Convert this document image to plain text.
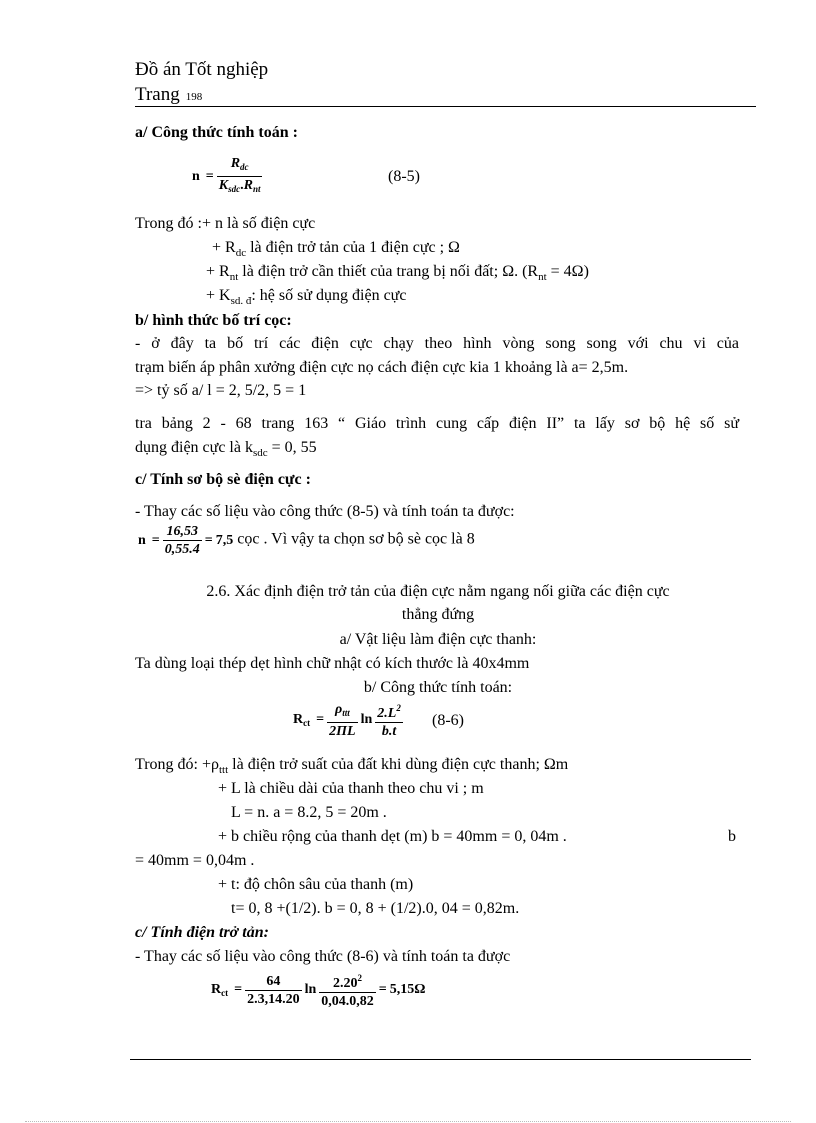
Đồ án Tốt nghiệp
Trang 198
a/ Công thức tính toán :
$n = \frac{R_{dc}}{K_{sdc}.R_{nt}}$	(8-5)
Trong đó :+ n là số điện cực
+ $R_{dc}$ là điện trở tản của 1 điện cực ; Ω
+ $R_{nt}$ là điện trở cần thiết của trang bị nối đất; Ω. $(R_{nt} = 4\Omega)$
+ $K_{sd. đ}$: hệ số sử dụng điện cực
b/ hình thức bố trí cọc:
- ở đây ta bố trí các điện cực chạy theo hình vòng song song với chu vi của
trạm biến áp phân xưởng điện cực nọ cách điện cực kia 1 khoảng là a= 2,5m.
=> tỷ số a/ l = 2, 5/2, 5 = 1
tra bảng 2 - 68 trang 163 “ Giáo trình cung cấp điện II” ta lấy sơ bộ hệ số sử
dụng điện cực là $k_{sdc} = 0$, 55
c/ Tính sơ bộ sè điện cực :
- Thay các số liệu vào công thức (8-5) và tính toán ta được:
$n = \frac{16,53}{0,55.4} = 7,5$ cọc . Vì vậy ta chọn sơ bộ sè cọc là 8
2.6. Xác định điện trở tản của điện cực nằm ngang nối giữa các điện cực
thẳng đứng
a/ Vật liệu làm điện cực thanh:
Ta dùng loại thép dẹt hình chữ nhật có kích thước là 40x4mm
b/ Công thức tính toán:
$R_{ct} = \frac{\rho_{ttt}}{2\Pi L}$ $\ln \frac{2.L^2}{b.t} (8-6)$
Trong đó: $+\rho_{ttt}$ là điện trở suất của đất khi dùng điện cực thanh; Ωm
+ L là chiều dài của thanh theo chu vi ; m
L = n. a = 8.2, 5 = 20m .
+ b chiều rộng của thanh dẹt (m) b = 40mm = 0, 04m .	b
= 40mm = 0,04m .
+ t: độ chôn sâu của thanh (m)
t= 0, 8 +(1/2). b = 0, 8 + (1/2).0, 04 = 0,82m.
c/ Tính điện trở tản:
- Thay các số liệu vào công thức (8-6) và tính toán ta được
$R_{ct} = \frac{64}{2.3,14.20}$ $\ln \frac{2.20^2}{0,04.0,82} = 5,15\Omega$
